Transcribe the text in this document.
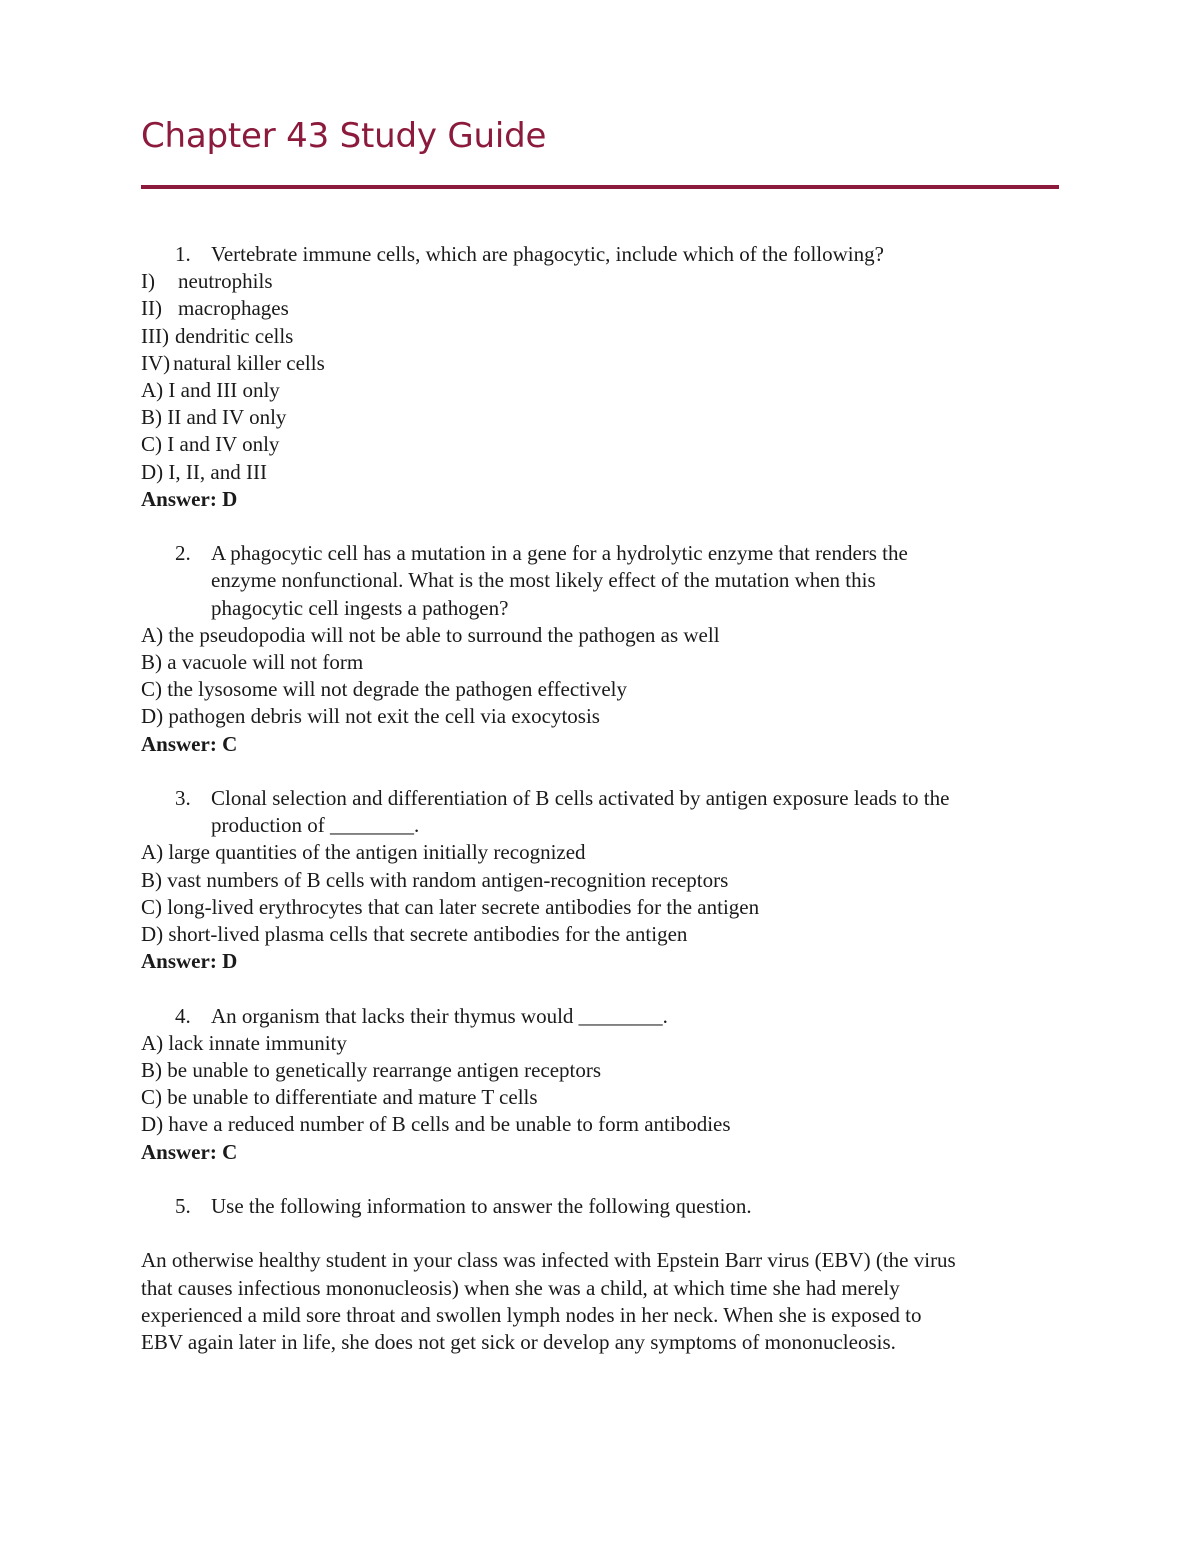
Chapter 43 Study Guide
1. Vertebrate immune cells, which are phagocytic, include which of the following?
I)	neutrophils
II) macrophages
III) dendritic cells
IV) natural killer cells
A) I and III only
B) II and IV only
C) I and IV only
D) I, II, and III
Answer: D
2. A phagocytic cell has a mutation in a gene for a hydrolytic enzyme that renders the
enzyme nonfunctional. What is the most likely effect of the mutation when this
phagocytic cell ingests a pathogen?
A) the pseudopodia will not be able to surround the pathogen as well
B) a vacuole will not form
C) the lysosome will not degrade the pathogen effectively
D) pathogen debris will not exit the cell via exocytosis
Answer: C
3. Clonal selection and differentiation of B cells activated by antigen exposure leads to the
production of ________.
A) large quantities of the antigen initially recognized
B) vast numbers of B cells with random antigen-recognition receptors
C) long-lived erythrocytes that can later secrete antibodies for the antigen
D) short-lived plasma cells that secrete antibodies for the antigen
Answer: D
4. An organism that lacks their thymus would ________.
A) lack innate immunity
B) be unable to genetically rearrange antigen receptors
C) be unable to differentiate and mature T cells
D) have a reduced number of B cells and be unable to form antibodies
Answer: C
5. Use the following information to answer the following question.
An otherwise healthy student in your class was infected with Epstein Barr virus (EBV) (the virus
that causes infectious mononucleosis) when she was a child, at which time she had merely
experienced a mild sore throat and swollen lymph nodes in her neck. When she is exposed to
EBV again later in life, she does not get sick or develop any symptoms of mononucleosis.
